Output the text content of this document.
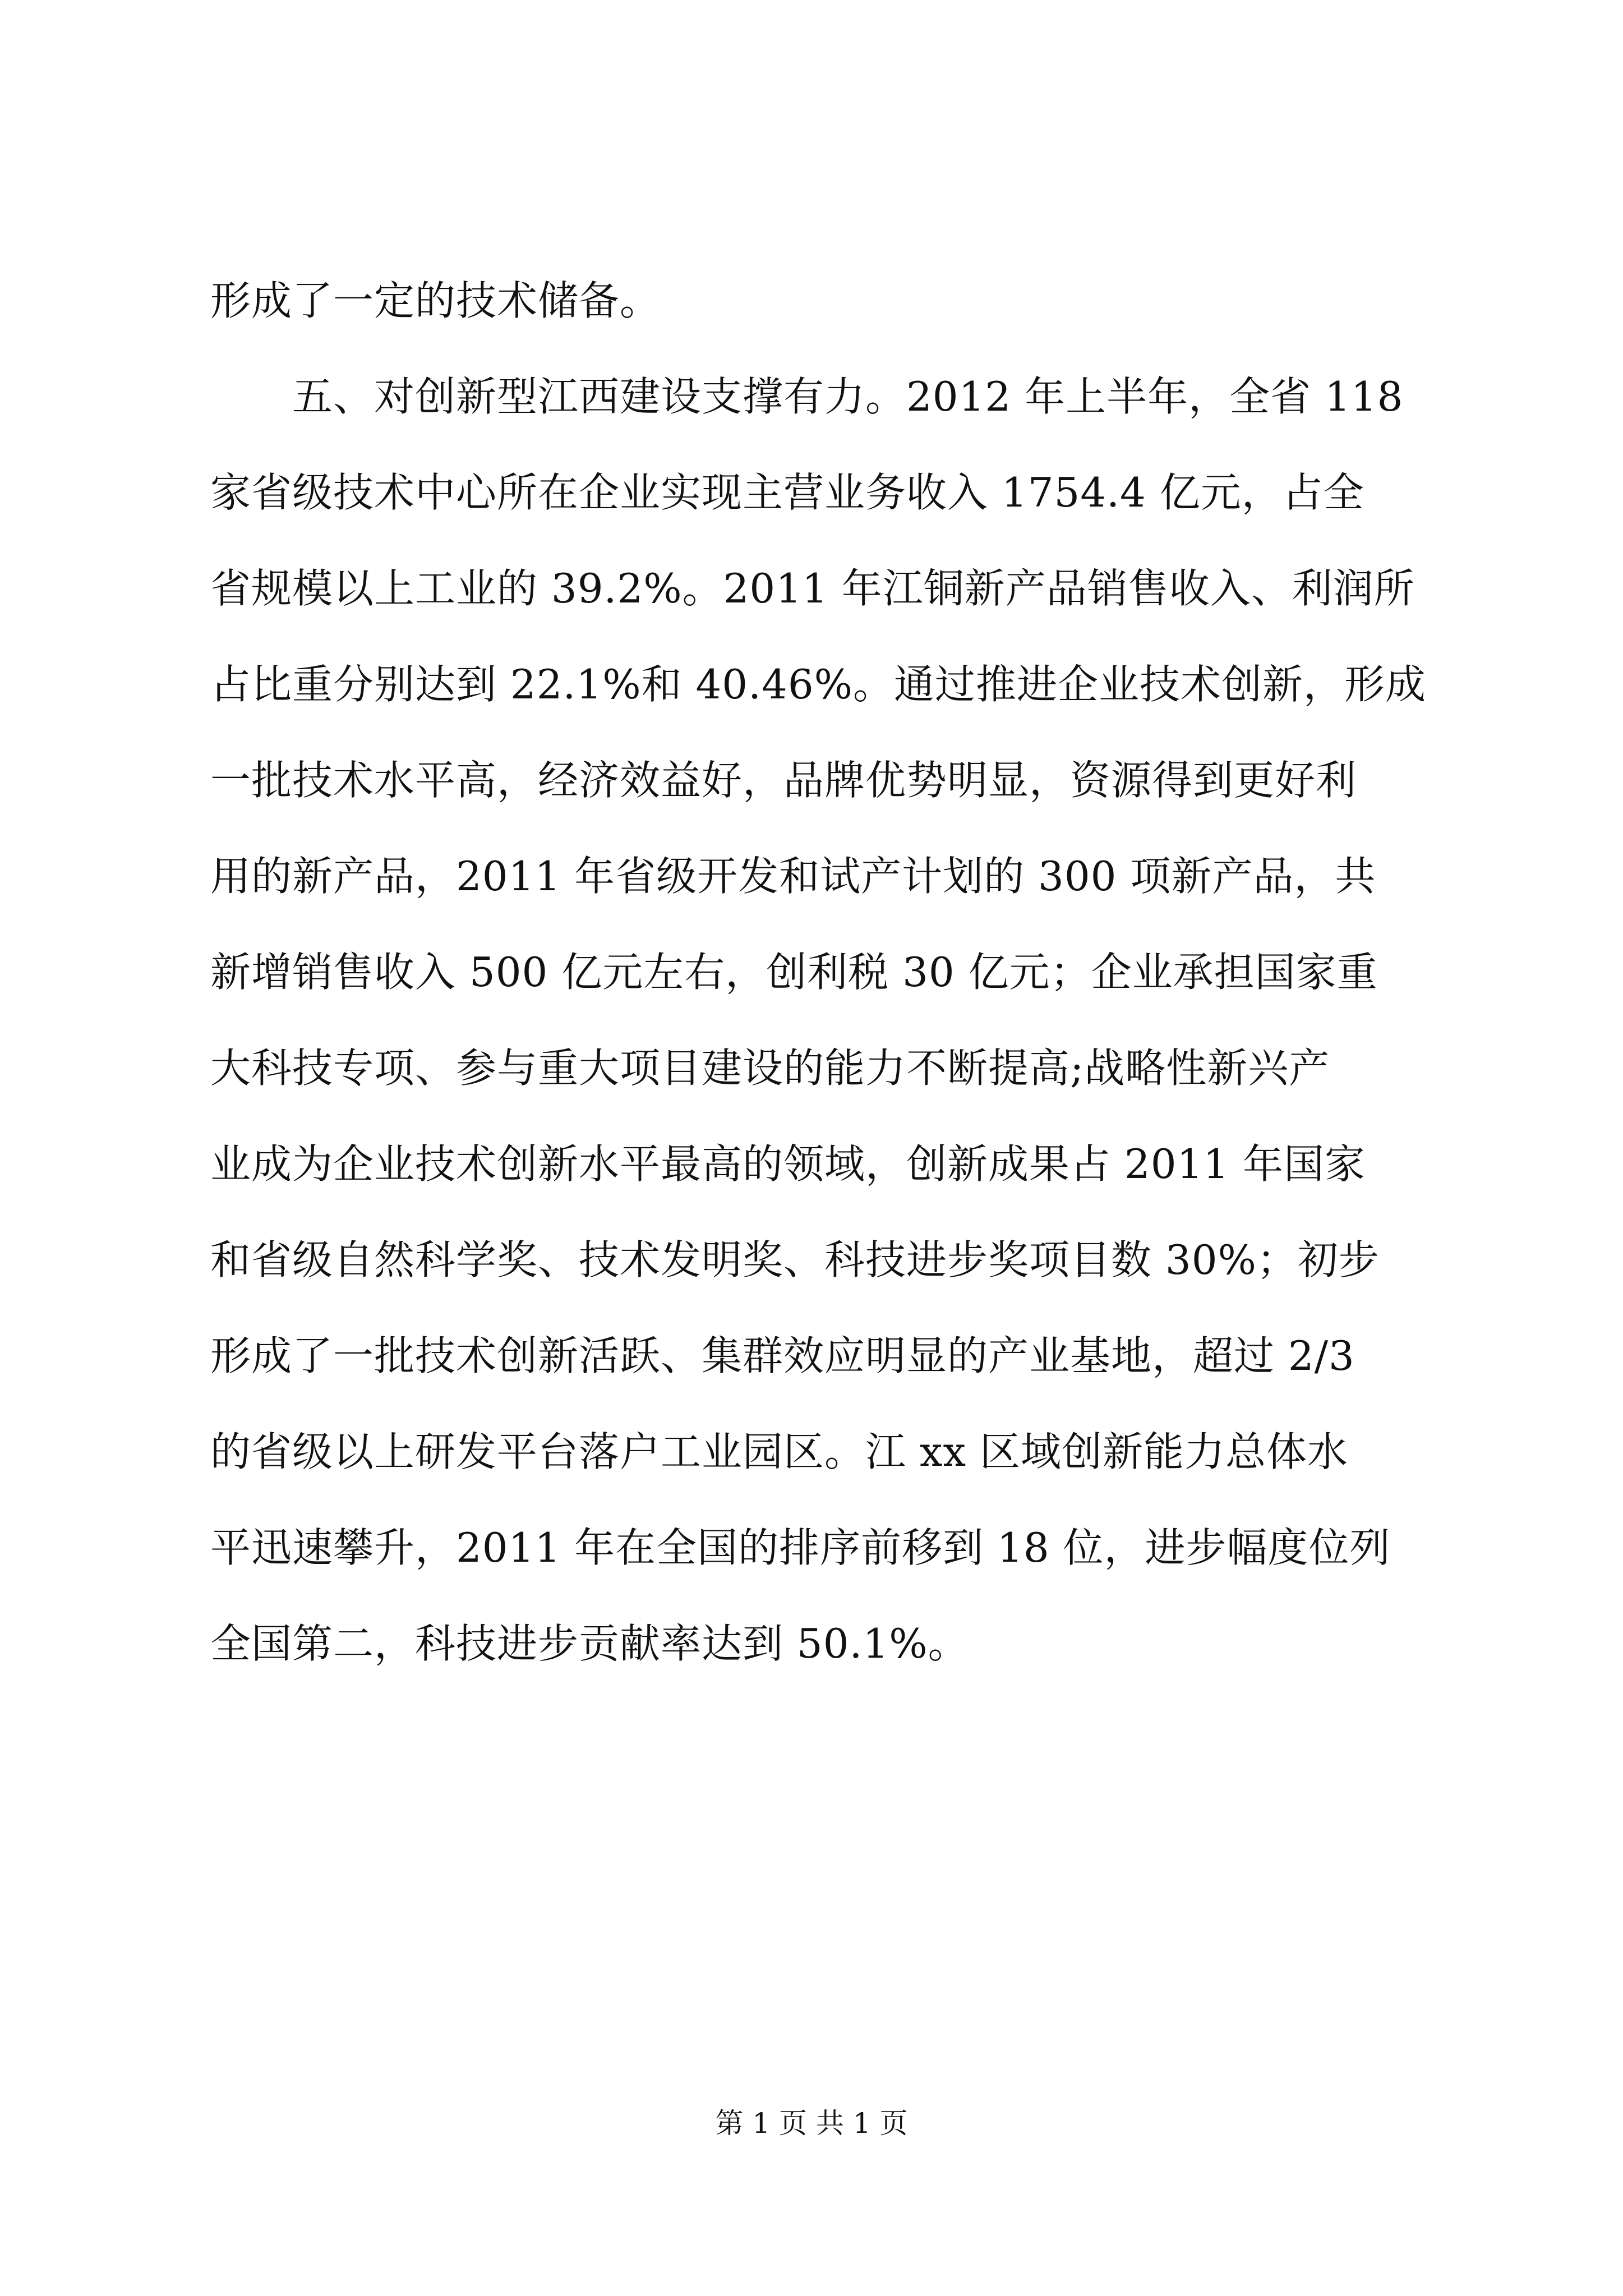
形成了一定的技术储备。
　　五、对创新型江西建设支撑有力。2012 年上半年，全省 118
家省级技术中心所在企业实现主营业务收入 1754.4 亿元，占全
省规模以上工业的 39.2%。2011 年江铜新产品销售收入、利润所
占比重分别达到 22.1%和 40.46%。通过推进企业技术创新，形成
一批技术水平高，经济效益好，品牌优势明显，资源得到更好利
用的新产品，2011 年省级开发和试产计划的 300 项新产品，共
新增销售收入 500 亿元左右，创利税 30 亿元；企业承担国家重
大科技专项、参与重大项目建设的能力不断提高;战略性新兴产
业成为企业技术创新水平最高的领域，创新成果占 2011 年国家
和省级自然科学奖、技术发明奖、科技进步奖项目数 30%；初步
形成了一批技术创新活跃、集群效应明显的产业基地，超过 2/3
的省级以上研发平台落户工业园区。江 xx 区域创新能力总体水
平迅速攀升，2011 年在全国的排序前移到 18 位，进步幅度位列
全国第二，科技进步贡献率达到 50.1%。
第 1 页 共 1 页
